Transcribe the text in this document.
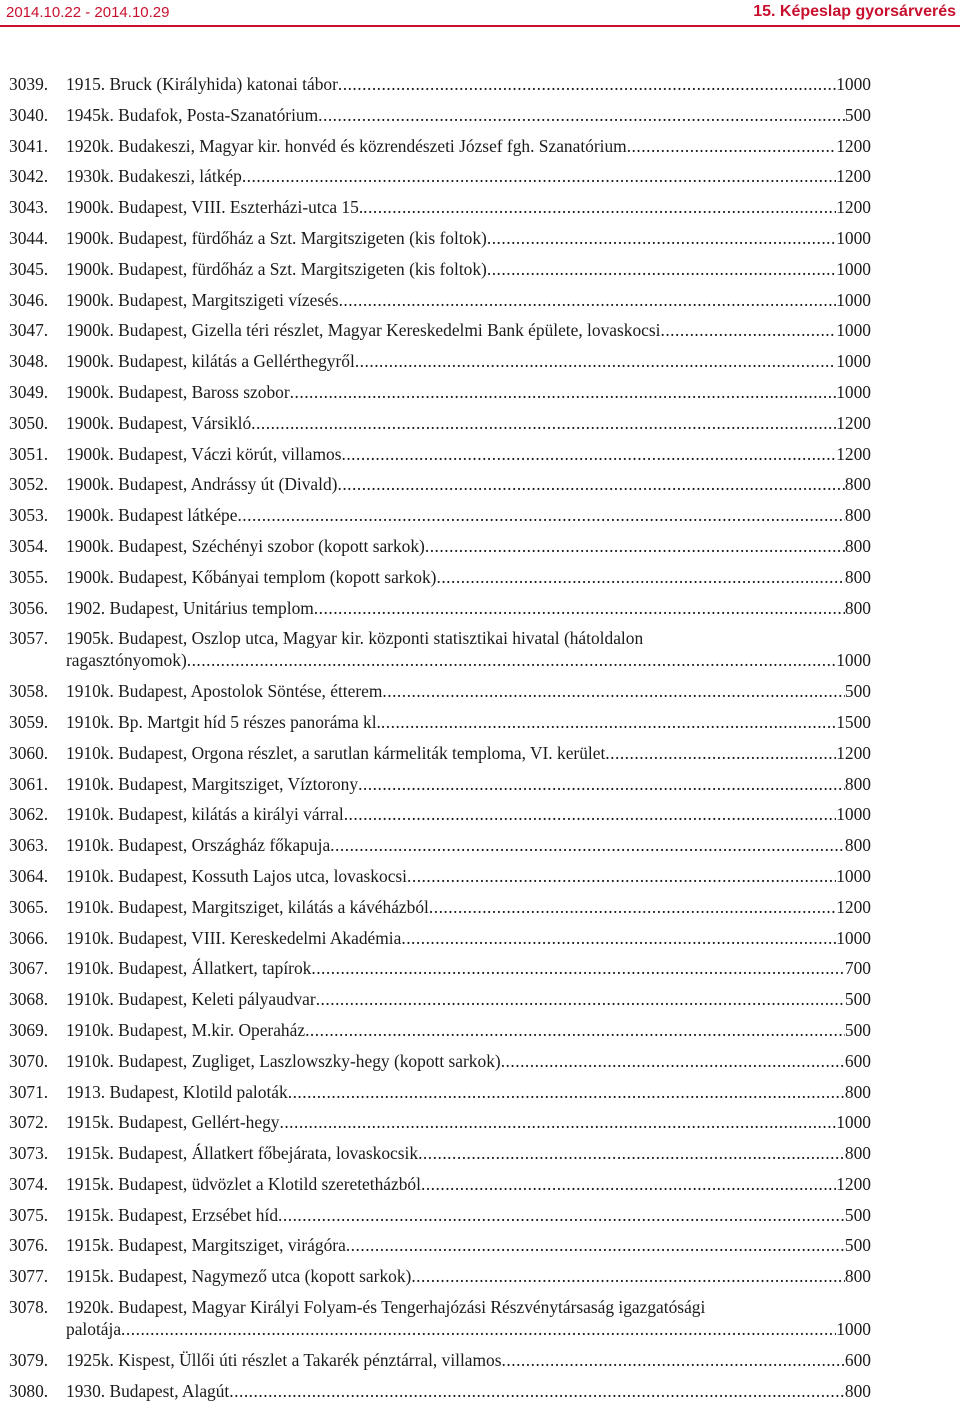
2014.10.22 - 2014.10.29	15. Képeslap gyorsárverés
3039. 1915. Bruck (Királyhida) katonai tábor .....	1000
3040. 1945k. Budafok, Posta-Szanatórium .....	500
3041. 1920k. Budakeszi, Magyar kir. honvéd és közrendészeti József fgh. Szanatórium .....	1200
3042. 1930k. Budakeszi, látkép .....	1200
3043. 1900k. Budapest, VIII. Eszterházi-utca 15. .....	1200
3044. 1900k. Budapest, fürdőház a Szt. Margitszigeten (kis foltok) .....	1000
3045. 1900k. Budapest, fürdőház a Szt. Margitszigeten (kis foltok) .....	1000
3046. 1900k. Budapest, Margitszigeti vízesés .....	1000
3047. 1900k. Budapest, Gizella téri részlet, Magyar Kereskedelmi Bank épülete, lovaskocsi .....	1000
3048. 1900k. Budapest, kilátás a Gellérthegyről .....	1000
3049. 1900k. Budapest, Baross szobor .....	1000
3050. 1900k. Budapest, Vársikló .....	1200
3051. 1900k. Budapest, Váczi körút, villamos .....	1200
3052. 1900k. Budapest, Andrássy út (Divald) .....	800
3053. 1900k. Budapest látképe .....	800
3054. 1900k. Budapest, Széchényi szobor (kopott sarkok) .....	800
3055. 1900k. Budapest, Kőbányai templom (kopott sarkok) .....	800
3056. 1902. Budapest, Unitárius templom .....	800
3057. 1905k. Budapest, Oszlop utca, Magyar kir. központi statisztikai hivatal (hátoldalon
ragasztónyomok) .....	1000
3058. 1910k. Budapest, Apostolok Söntése, étterem .....	500
3059. 1910k. Bp. Martgit híd 5 részes panoráma kl. .....	1500
3060. 1910k. Budapest, Orgona részlet, a sarutlan kármeliták temploma, VI. kerület .....	1200
3061. 1910k. Budapest, Margitsziget, Víztorony .....	800
3062. 1910k. Budapest, kilátás a királyi várral .....	1000
3063. 1910k. Budapest, Országház főkapuja .....	800
3064. 1910k. Budapest, Kossuth Lajos utca, lovaskocsi .....	1000
3065. 1910k. Budapest, Margitsziget, kilátás a kávéházból .....	1200
3066. 1910k. Budapest, VIII. Kereskedelmi Akadémia .....	1000
3067. 1910k. Budapest, Állatkert, tapírok .....	700
3068. 1910k. Budapest, Keleti pályaudvar .....	500
3069. 1910k. Budapest, M.kir. Operaház .....	500
3070. 1910k. Budapest, Zugliget, Laszlowszky-hegy (kopott sarkok) .....	600
3071. 1913. Budapest, Klotild paloták .....	800
3072. 1915k. Budapest, Gellért-hegy .....	1000
3073. 1915k. Budapest, Állatkert főbejárata, lovaskocsik .....	800
3074. 1915k. Budapest, üdvözlet a Klotild szeretetházból .....	1200
3075. 1915k. Budapest, Erzsébet híd .....	500
3076. 1915k. Budapest, Margitsziget, virágóra .....	500
3077. 1915k. Budapest, Nagymező utca (kopott sarkok) .....	800
3078. 1920k. Budapest, Magyar Királyi Folyam-és Tengerhajózási Részvénytársaság igazgatósági
palotája .....	1000
3079. 1925k. Kispest, Üllői úti részlet a Takarék pénztárral, villamos .....	600
3080. 1930. Budapest, Alagút .....	800
